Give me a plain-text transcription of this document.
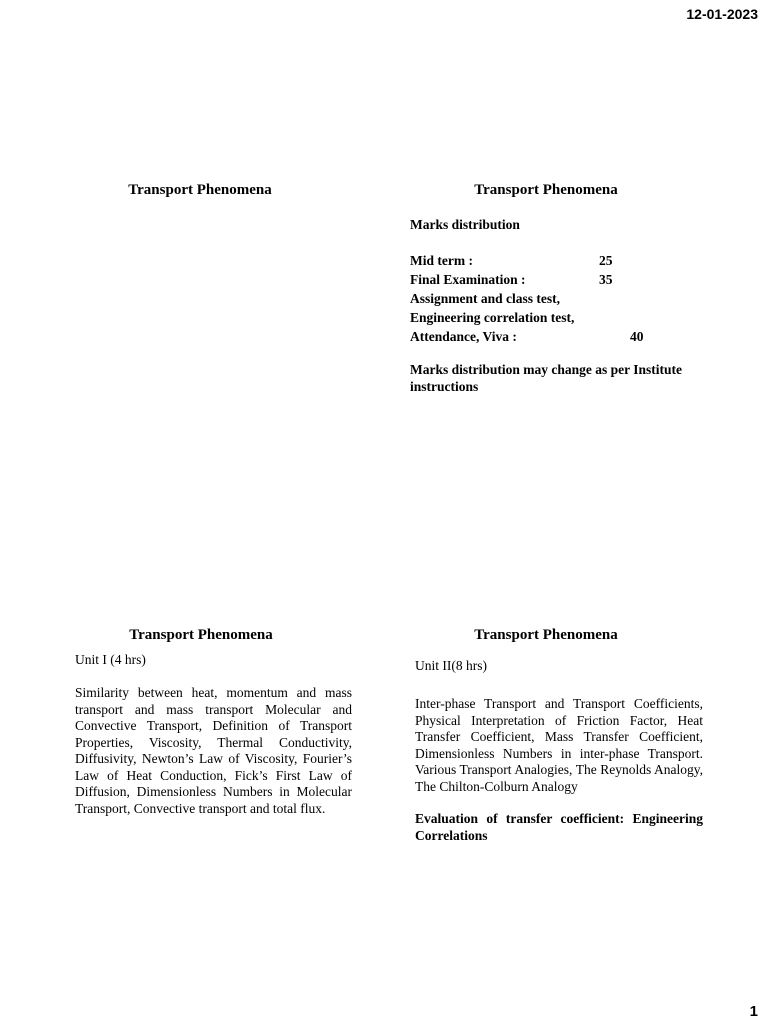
12-01-2023
Transport Phenomena	Transport Phenomena
Marks distribution
Mid term :	25
Final Examination :	35
Assignment and class test,
Engineering correlation test,
Attendance, Viva :	40
Marks distribution may change as per Institute instructions
Transport Phenomena
Unit I (4 hrs)
Similarity between heat, momentum and mass transport and mass transport Molecular and Convective Transport, Definition of Transport Properties, Viscosity, Thermal Conductivity, Diffusivity, Newton’s Law of Viscosity, Fourier’s Law of Heat Conduction, Fick’s First Law of Diffusion, Dimensionless Numbers in Molecular Transport, Convective transport and total flux.
Transport Phenomena
Unit II(8 hrs)
Inter-phase Transport and Transport Coefficients, Physical Interpretation of Friction Factor, Heat Transfer Coefficient, Mass Transfer Coefficient, Dimensionless Numbers in inter-phase Transport. Various Transport Analogies, The Reynolds Analogy, The Chilton-Colburn Analogy
Evaluation of transfer coefficient: Engineering Correlations
1
